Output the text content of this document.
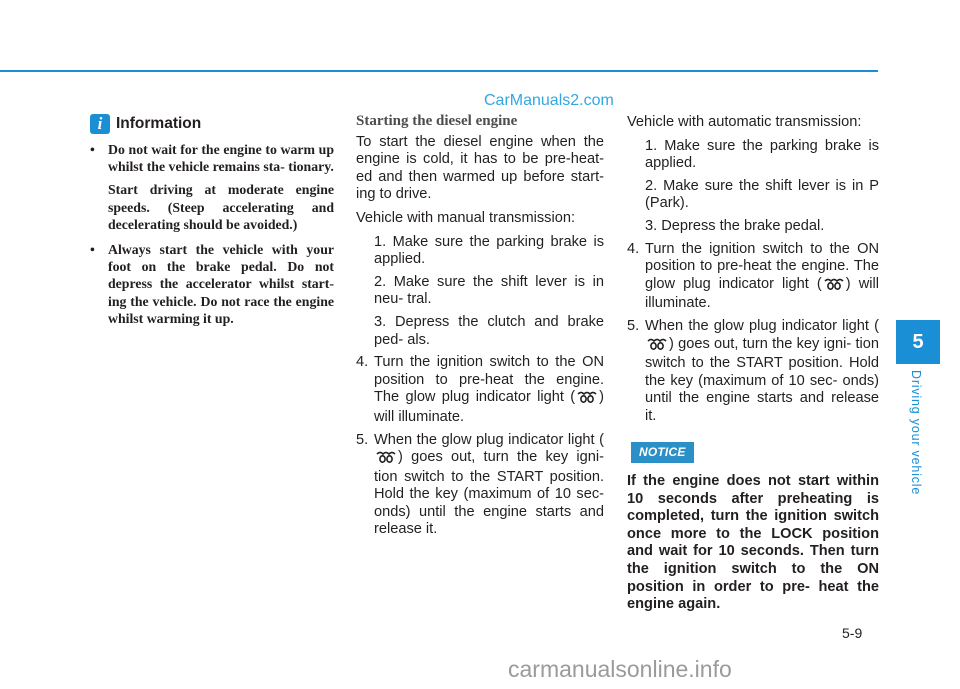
CarManuals2.com
i Information
• Do not wait for the engine to warm up whilst the vehicle remains sta- tionary.
Start driving at moderate engine speeds. (Steep accelerating and decelerating should be avoided.)
• Always start the vehicle with your foot on the brake pedal. Do not depress the accelerator whilst start- ing the vehicle. Do not race the engine whilst warming it up.
Starting the diesel engine

To start the diesel engine when the engine is cold, it has to be pre-heat- ed and then warmed up before start- ing to drive.

Vehicle with manual transmission:

1. Make sure the parking brake is applied.
2. Make sure the shift lever is in neu- tral.
3. Depress the clutch and brake ped- als.
4. Turn the ignition switch to the ON position to pre-heat the engine. The glow plug indicator light ( ) will illuminate.
5. When the glow plug indicator light () goes out, turn the key igni- tion switch to the START position. Hold the key (maximum of 10 sec- onds) until the engine starts and release it.

Vehicle with automatic transmission:

1. Make sure the parking brake is applied.
2. Make sure the shift lever is in P (Park).
3. Depress the brake pedal.
4. Turn the ignition switch to the ON position to pre-heat the engine. The glow plug indicator light ( ) will illuminate.
5. When the glow plug indicator light () goes out, turn the key igni- tion switch to the START position. Hold the key (maximum of 10 sec- onds) until the engine starts and release it.
NOTICE

If the engine does not start within 10 seconds after preheating is completed, turn the ignition switch once more to the LOCK position and wait for 10 seconds. Then turn the ignition switch to the ON position in order to pre- heat the engine again.

5
Driving your vehicle
5-9
carmanualsonline.info
